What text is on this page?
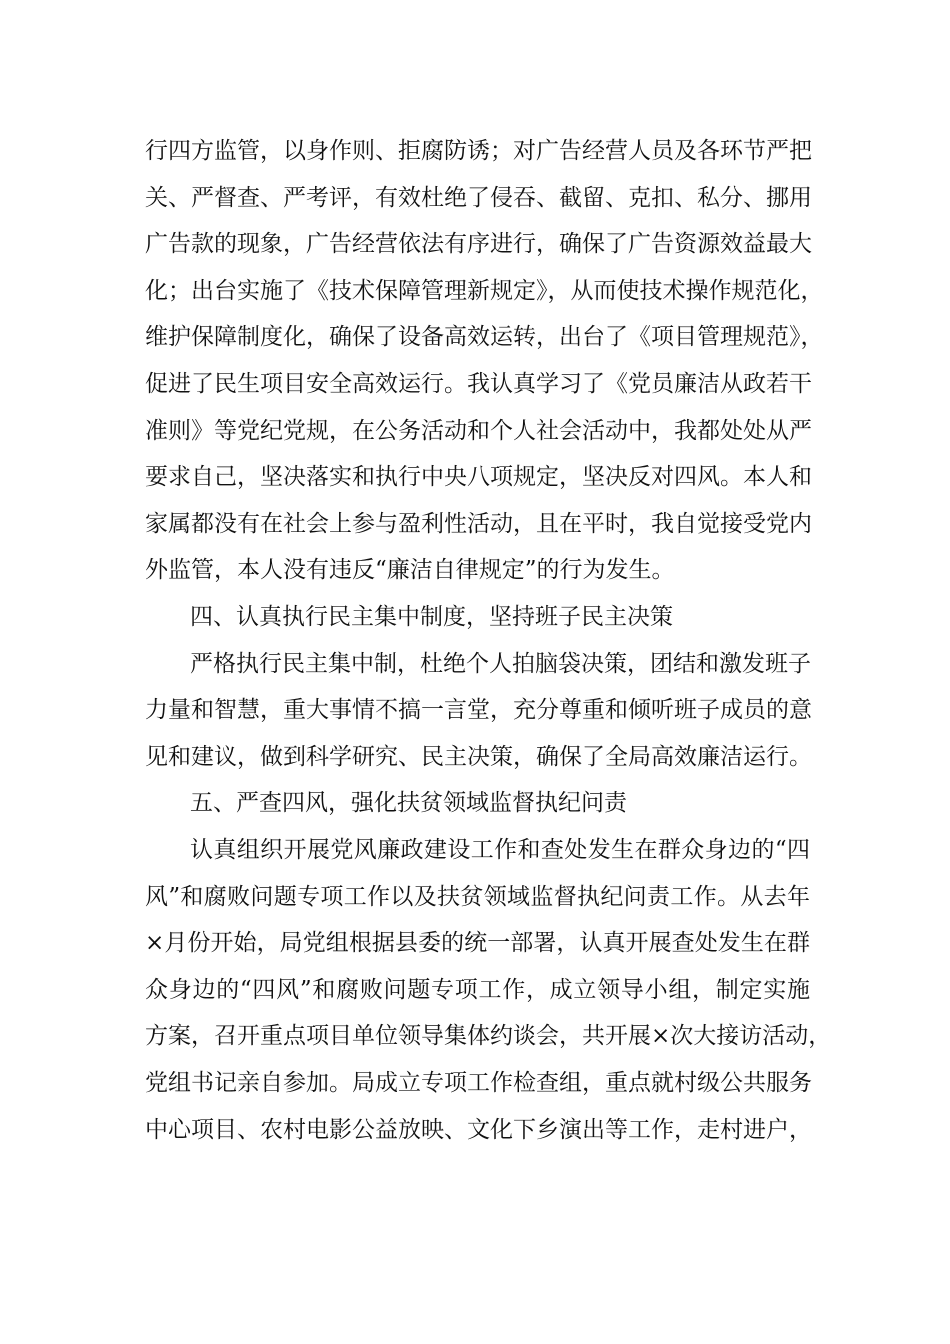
行四方监管，以身作则、拒腐防诱；对广告经营人员及各环节严把
关、严督查、严考评，有效杜绝了侵吞、截留、克扣、私分、挪用
广告款的现象，广告经营依法有序进行，确保了广告资源效益最大
化；出台实施了《技术保障管理新规定》，从而使技术操作规范化，
维护保障制度化，确保了设备高效运转，出台了《项目管理规范》，
促进了民生项目安全高效运行。我认真学习了《党员廉洁从政若干
准则》等党纪党规，在公务活动和个人社会活动中，我都处处从严
要求自己，坚决落实和执行中央八项规定，坚决反对四风。本人和
家属都没有在社会上参与盈利性活动，且在平时，我自觉接受党内
外监管，本人没有违反“廉洁自律规定”的行为发生。
四、认真执行民主集中制度，坚持班子民主决策
严格执行民主集中制，杜绝个人拍脑袋决策，团结和激发班子
力量和智慧，重大事情不搞一言堂，充分尊重和倾听班子成员的意
见和建议，做到科学研究、民主决策，确保了全局高效廉洁运行。
五、严查四风，强化扶贫领域监督执纪问责
认真组织开展党风廉政建设工作和查处发生在群众身边的“四
风”和腐败问题专项工作以及扶贫领域监督执纪问责工作。从去年
×月份开始，局党组根据县委的统一部署，认真开展查处发生在群
众身边的“四风”和腐败问题专项工作，成立领导小组，制定实施
方案，召开重点项目单位领导集体约谈会，共开展×次大接访活动，
党组书记亲自参加。局成立专项工作检查组，重点就村级公共服务
中心项目、农村电影公益放映、文化下乡演出等工作，走村进户，
